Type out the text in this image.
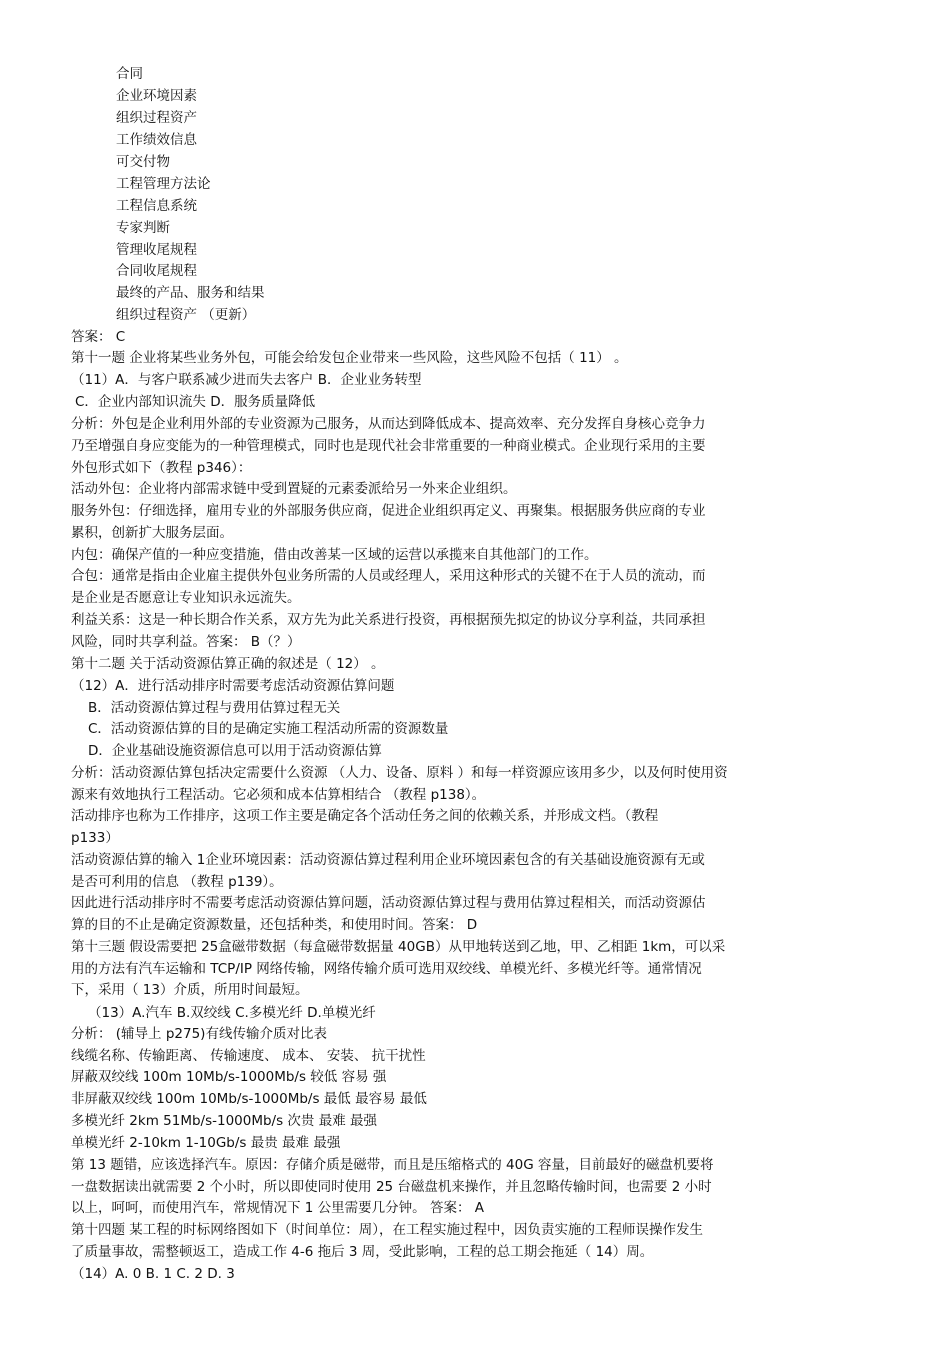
合同
企业环境因素
组织过程资产
工作绩效信息
可交付物
工程管理方法论
工程信息系统
专家判断
管理收尾规程
合同收尾规程
最终的产品、服务和结果
组织过程资产 （更新）
答案： C
第十一题 企业将某些业务外包，可能会给发包企业带来一些风险，这些风险不包括（ 11） 。
（11）A．与客户联系减少进而失去客户 B．企业业务转型
C．企业内部知识流失 D．服务质量降低
分析：外包是企业利用外部的专业资源为己服务，从而达到降低成本、提高效率、充分发挥自身核心竞争力
乃至增强自身应变能为的一种管理模式，同时也是现代社会非常重要的一种商业模式。企业现行采用的主要
外包形式如下（教程 p346）：
活动外包：企业将内部需求链中受到置疑的元素委派给另一外来企业组织。
服务外包：仔细选择，雇用专业的外部服务供应商，促进企业组织再定义、再聚集。根据服务供应商的专业
累积，创新扩大服务层面。
内包：确保产值的一种应变措施，借由改善某一区域的运营以承揽来自其他部门的工作。
合包：通常是指由企业雇主提供外包业务所需的人员或经理人，采用这种形式的关键不在于人员的流动，而
是企业是否愿意让专业知识永远流失。
利益关系：这是一种长期合作关系，双方先为此关系进行投资，再根据预先拟定的协议分享利益，共同承担
风险，同时共享利益。答案： B（？）
第十二题 关于活动资源估算正确的叙述是（ 12） 。
（12）A．进行活动排序时需要考虑活动资源估算问题
B．活动资源估算过程与费用估算过程无关
C．活动资源估算的目的是确定实施工程活动所需的资源数量
D．企业基础设施资源信息可以用于活动资源估算
分析：活动资源估算包括决定需要什么资源 （人力、设备、原料 ）和每一样资源应该用多少，以及何时使用资
源来有效地执行工程活动。它必须和成本估算相结合 （教程 p138）。
活动排序也称为工作排序，这项工作主要是确定各个活动任务之间的依赖关系，并形成文档。（教程
p133）
活动资源估算的输入 1企业环境因素：活动资源估算过程利用企业环境因素包含的有关基础设施资源有无或
是否可利用的信息 （教程 p139）。
因此进行活动排序时不需要考虑活动资源估算问题，活动资源估算过程与费用估算过程相关，而活动资源估
算的目的不止是确定资源数量，还包括种类，和使用时间。答案： D
第十三题 假设需要把 25盒磁带数据（每盒磁带数据量 40GB）从甲地转送到乙地，甲、乙相距 1km，可以采
用的方法有汽车运输和 TCP/IP 网络传输，网络传输介质可选用双绞线、单模光纤、多模光纤等。通常情况
下，采用（ 13）介质，所用时间最短。
（13）A.汽车 B.双绞线 C.多模光纤 D.单模光纤
分析： (辅导上 p275)有线传输介质对比表
线缆名称、传输距离、 传输速度、 成本、 安装、 抗干扰性
屏蔽双绞线 100m 10Mb/s-1000Mb/s 较低 容易 强
非屏蔽双绞线 100m 10Mb/s-1000Mb/s 最低 最容易 最低
多模光纤 2km 51Mb/s-1000Mb/s 次贵 最难 最强
单模光纤 2-10km 1-10Gb/s 最贵 最难 最强
第 13 题错，应该选择汽车。原因：存储介质是磁带，而且是压缩格式的 40G 容量，目前最好的磁盘机要将
一盘数据读出就需要 2 个小时，所以即使同时使用 25 台磁盘机来操作，并且忽略传输时间，也需要 2 小时
以上，呵呵，而使用汽车，常规情况下 1 公里需要几分钟。 答案： A
第十四题 某工程的时标网络图如下（时间单位：周），在工程实施过程中，因负责实施的工程师误操作发生
了质量事故，需整顿返工，造成工作 4-6 拖后 3 周，受此影响，工程的总工期会拖延（ 14）周。
（14）A. 0 B. 1 C. 2 D. 3
